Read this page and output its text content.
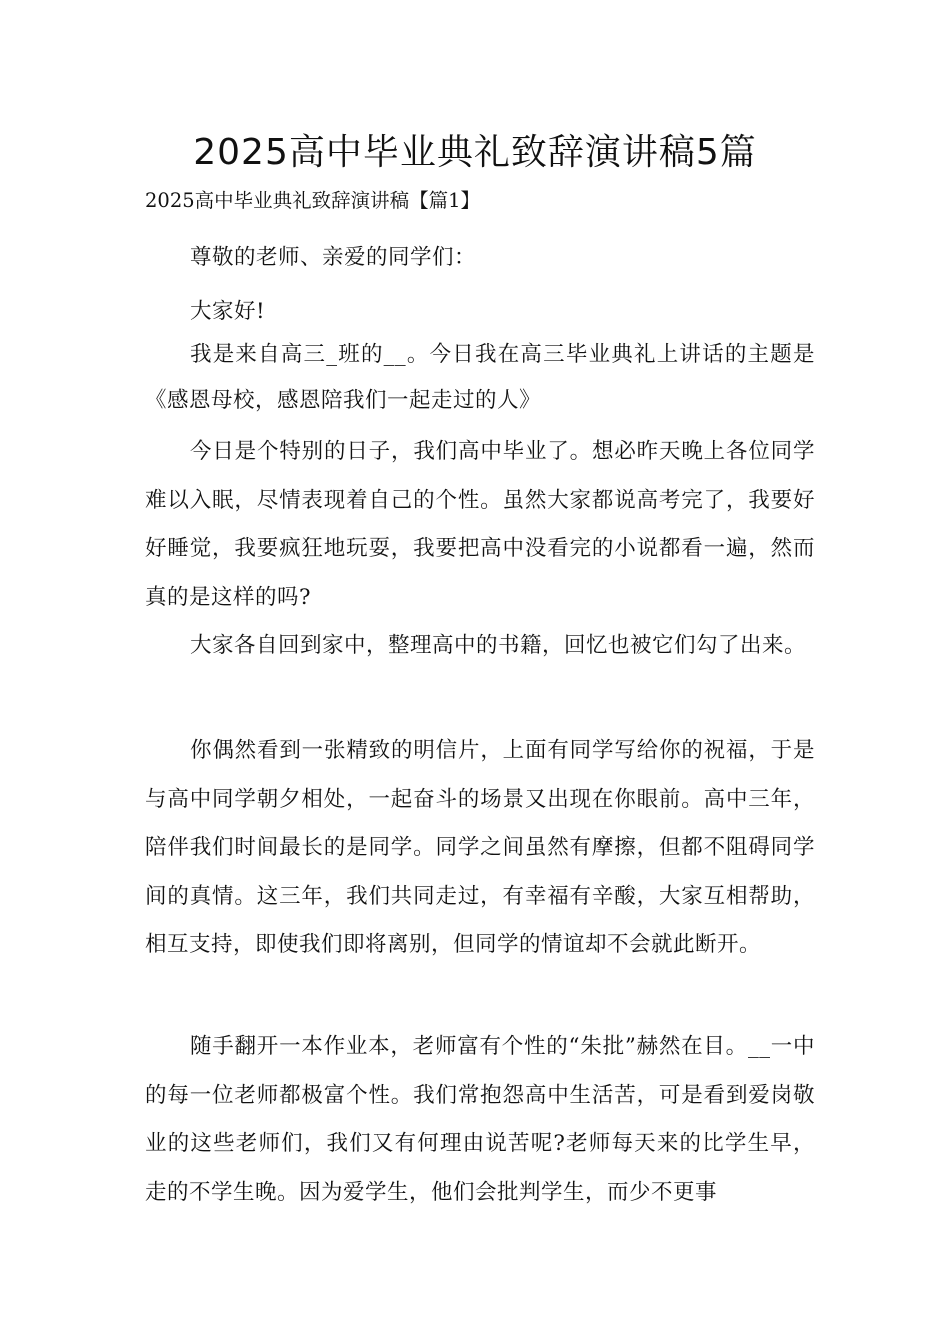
2025高中毕业典礼致辞演讲稿5篇

2025高中毕业典礼致辞演讲稿【篇1】

尊敬的老师、亲爱的同学们：

大家好!

我是来自高三_班的__。今日我在高三毕业典礼上讲话的主题是《感恩母校，感恩陪我们一起走过的人》

今日是个特别的日子，我们高中毕业了。想必昨天晚上各位同学难以入眠，尽情表现着自己的个性。虽然大家都说高考完了，我要好好睡觉，我要疯狂地玩耍，我要把高中没看完的小说都看一遍，然而真的是这样的吗?

大家各自回到家中，整理高中的书籍，回忆也被它们勾了出来。

你偶然看到一张精致的明信片，上面有同学写给你的祝福，于是与高中同学朝夕相处，一起奋斗的场景又出现在你眼前。高中三年，陪伴我们时间最长的是同学。同学之间虽然有摩擦，但都不阻碍同学间的真情。这三年，我们共同走过，有幸福有辛酸，大家互相帮助，相互支持，即使我们即将离别，但同学的情谊却不会就此断开。

随手翻开一本作业本，老师富有个性的“朱批”赫然在目。__一中的每一位老师都极富个性。我们常抱怨高中生活苦，可是看到爱岗敬业的这些老师们，我们又有何理由说苦呢?老师每天来的比学生早，走的不学生晚。因为爱学生，他们会批判学生，而少不更事
